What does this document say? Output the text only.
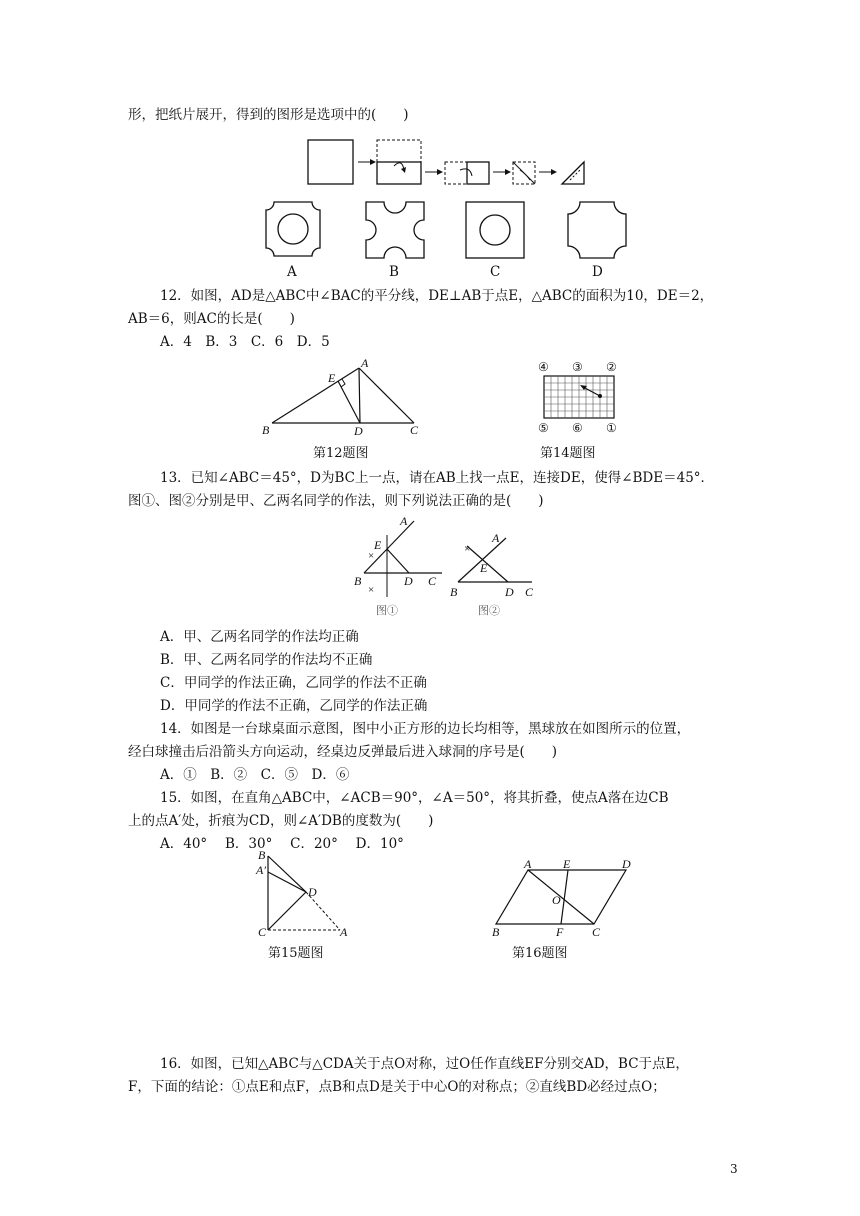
形，把纸片展开，得到的图形是选项中的(　　)
A	B	C	D
12．如图，AD是△ABC中∠BAC的平分线，DE⊥AB于点E，△ABC的面积为10，DE＝2，
AB＝6，则AC的长是(　　)
A．4　B．3　C．6　D．5
A
B	C
D
E
第12题图
④ ③ ②
⑤ ⑥ ①
第14题图
13．已知∠ABC＝45°，D为BC上一点，请在AB上找一点E，连接DE，使得∠BDE＝45°．
图①、图②分别是甲、乙两名同学的作法，则下列说法正确的是(　　)
×
×
A
E
B	D C
图①
×
A
E
B	D C
图②
A．甲、乙两名同学的作法均正确
B．甲、乙两名同学的作法均不正确
C．甲同学的作法正确，乙同学的作法不正确
D．甲同学的作法不正确，乙同学的作法正确
14．如图是一台球桌面示意图，图中小正方形的边长均相等，黑球放在如图所示的位置，
经白球撞击后沿箭头方向运动，经桌边反弹最后进入球洞的序号是(　　)
A．①　B．②　C．⑤　D．⑥
15．如图，在直角△ABC中，∠ACB＝90°，∠A＝50°，将其折叠，使点A落在边CB
上的点A′处，折痕为CD，则∠A′DB的度数为(　　)
A．40°　 B．30°　 C．20°　 D．10°
B
A′
D
C	A
第15题图
A	E	D
O
B	F C
第16题图
16．如图，已知△ABC与△CDA关于点O对称，过O任作直线EF分别交AD，BC于点E，
F，下面的结论：①点E和点F，点B和点D是关于中心O的对称点；②直线BD必经过点O；
3
